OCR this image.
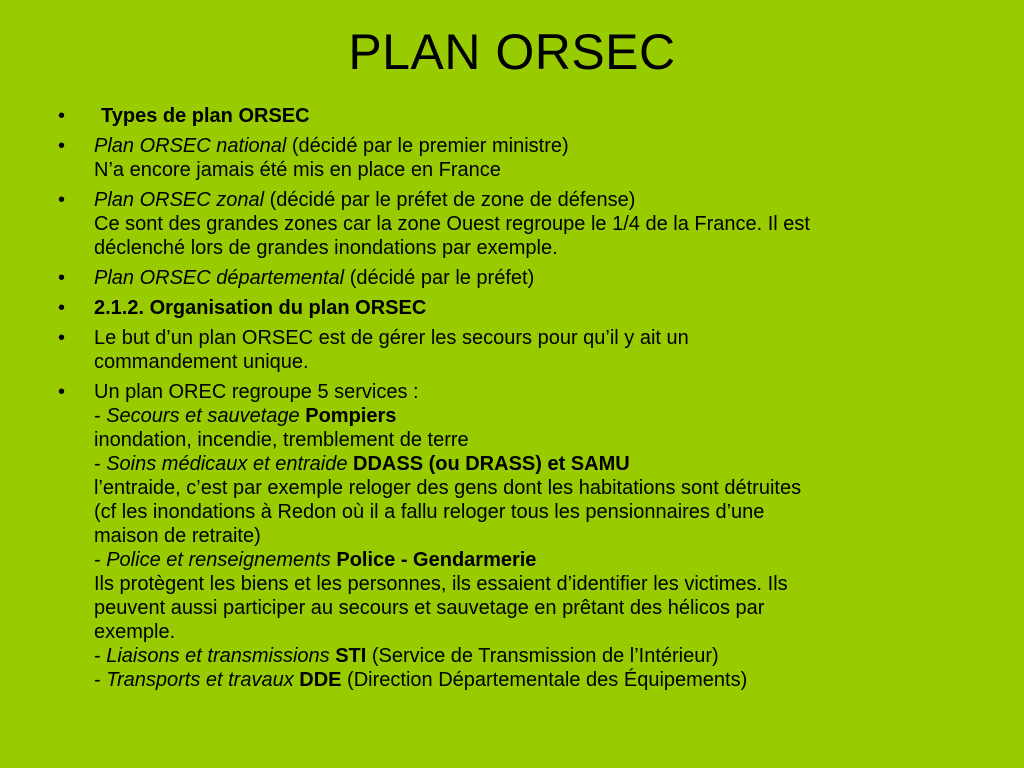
PLAN ORSEC
•	Types de plan ORSEC
•	Plan ORSEC national (décidé par le premier ministre)
N’a encore jamais été mis en place en France
•	Plan ORSEC zonal (décidé par le préfet de zone de défense)
Ce sont des grandes zones car la zone Ouest regroupe le 1/4 de la France. Il est
déclenché lors de grandes inondations par exemple.
•	Plan ORSEC départemental (décidé par le préfet)
•	2.1.2. Organisation du plan ORSEC
•	Le but d’un plan ORSEC est de gérer les secours pour qu’il y ait un
commandement unique.
•	Un plan OREC regroupe 5 services :
- Secours et sauvetage Pompiers
inondation, incendie, tremblement de terre
- Soins médicaux et entraide DDASS (ou DRASS) et SAMU
l’entraide, c’est par exemple reloger des gens dont les habitations sont détruites
(cf les inondations à Redon où il a fallu reloger tous les pensionnaires d’une
maison de retraite)
- Police et renseignements Police - Gendarmerie
Ils protègent les biens et les personnes, ils essaient d’identifier les victimes. Ils
peuvent aussi participer au secours et sauvetage en prêtant des hélicos par
exemple.
- Liaisons et transmissions STI (Service de Transmission de l’Intérieur)
- Transports et travaux DDE (Direction Départementale des Équipements)
